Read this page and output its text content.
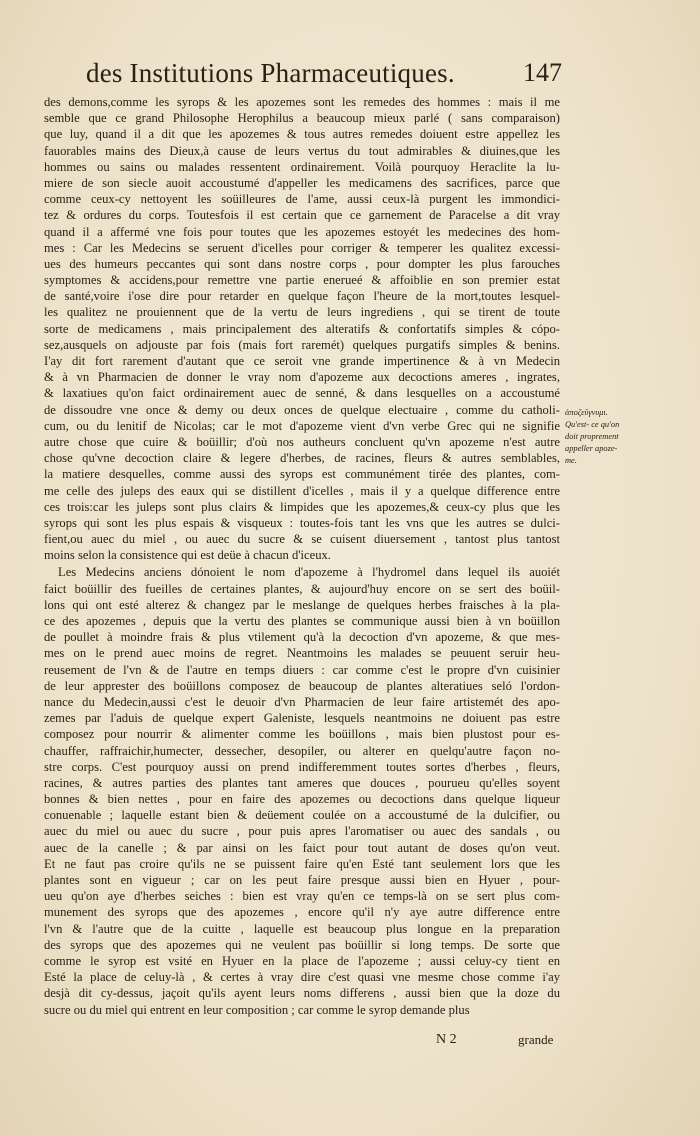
des Institutions Pharmaceutiques.	147
des demons,comme les syrops & les apozemes sont les remedes des hommes : mais il me
semble que ce grand Philosophe Herophilus a beaucoup mieux parlé ( sans comparaison)
que luy, quand il a dit que les apozemes & tous autres remedes doiuent estre appellez les
fauorables mains des Dieux,à cause de leurs vertus du tout admirables & diuines,que les
hommes ou sains ou malades ressentent ordinairement. Voilà pourquoy Heraclite la lu-
miere de son siecle auoit accoustumé d'appeller les medicamens des sacrifices, parce que
comme ceux-cy nettoyent les soüilleures de l'ame, aussi ceux-là purgent les immondici-
tez & ordures du corps. Toutesfois il est certain que ce garnement de Paracelse a dit vray
quand il a affermé vne fois pour toutes que les apozemes estoyét les medecines des hom-
mes : Car les Medecins se seruent d'icelles pour corriger & temperer les qualitez excessi-
ues des humeurs peccantes qui sont dans nostre corps , pour dompter les plus farouches
symptomes & accidens,pour remettre vne partie enerueé & affoiblie en son premier estat
de santé,voire i'ose dire pour retarder en quelque façon l'heure de la mort,toutes lesquel-
les qualitez ne prouiennent que de la vertu de leurs ingrediens , qui se tirent de toute
sorte de medicamens , mais principalement des alteratifs & confortatifs simples & cópo-
sez,ausquels on adjouste par fois (mais fort raremét) quelques purgatifs simples & benins.
I'ay dit fort rarement d'autant que ce seroit vne grande impertinence & à vn Medecin
& à vn Pharmacien de donner le vray nom d'apozeme aux decoctions ameres , ingrates,
& laxatiues qu'on faict ordinairement auec de senné, & dans lesquelles on a accoustumé
de dissoudre vne once & demy ou deux onces de quelque electuaire , comme du catholi-
cum, ou du lenitif de Nicolas; car le mot d'apozeme vient d'vn verbe Grec qui ne signifie
autre chose que cuire & boüillir; d'où nos autheurs concluent qu'vn apozeme n'est autre
chose qu'vne decoction claire & legere d'herbes, de racines, fleurs & autres semblables,
la matiere desquelles, comme aussi des syrops est communément tirée des plantes, com-
me celle des juleps des eaux qui se distillent d'icelles , mais il y a quelque difference entre
ces trois:car les juleps sont plus clairs & limpides que les apozemes,& ceux-cy plus que les
syrops qui sont les plus espais & visqueux : toutes-fois tant les vns que les autres se dulci-
fient,ou auec du miel , ou auec du sucre & se cuisent diuersement , tantost plus tantost
moins selon la consistence qui est deüe à chacun d'iceux.
Les Medecins anciens dónoient le nom d'apozeme à l'hydromel dans lequel ils auoiét
faict boüillir des fueilles de certaines plantes, & aujourd'huy encore on se sert des boüil-
lons qui ont esté alterez & changez par le meslange de quelques herbes fraisches à la pla-
ce des apozemes , depuis que la vertu des plantes se communique aussi bien à vn boüillon
de poullet à moindre frais & plus vtilement qu'à la decoction d'vn apozeme, & que mes-
mes on le prend auec moins de regret. Neantmoins les malades se peuuent seruir heu-
reusement de l'vn & de l'autre en temps diuers : car comme c'est le propre d'vn cuisinier
de leur apprester des boüillons composez de beaucoup de plantes alteratiues seló l'ordon-
nance du Medecin,aussi c'est le deuoir d'vn Pharmacien de leur faire artistemét des apo-
zemes par l'aduis de quelque expert Galeniste, lesquels neantmoins ne doiuent pas estre
composez pour nourrir & alimenter comme les boüillons , mais bien plustost pour es-
chauffer, raffraichir,humecter, dessecher, desopiler, ou alterer en quelqu'autre façon no-
stre corps. C'est pourquoy aussi on prend indifferemment toutes sortes d'herbes , fleurs,
racines, & autres parties des plantes tant ameres que douces , pourueu qu'elles soyent
bonnes & bien nettes , pour en faire des apozemes ou decoctions dans quelque liqueur
conuenable ; laquelle estant bien & deüement coulée on a accoustumé de la dulcifier, ou
auec du miel ou auec du sucre , pour puis apres l'aromatiser ou auec des sandals , ou
auec de la canelle ; & par ainsi on les faict pour tout autant de doses qu'on veut.
Et ne faut pas croire qu'ils ne se puissent faire qu'en Esté tant seulement lors que les
plantes sont en vigueur ; car on les peut faire presque aussi bien en Hyuer , pour-
ueu qu'on aye d'herbes seiches : bien est vray qu'en ce temps-là on se sert plus com-
munement des syrops que des apozemes , encore qu'il n'y aye autre difference entre
l'vn & l'autre que de la cuitte , laquelle est beaucoup plus longue en la preparation
des syrops que des apozemes qui ne veulent pas boüillir si long temps. De sorte que
comme le syrop est vsité en Hyuer en la place de l'apozeme ; aussi celuy-cy tient en
Esté la place de celuy-là , & certes à vray dire c'est quasi vne mesme chose comme i'ay
desjà dit cy-dessus, jaçoit qu'ils ayent leurs noms differens , aussi bien que la doze du
sucre ou du miel qui entrent en leur composition ; car comme le syrop demande plus
ἀποζεῦγνυμι.
Qu'est- ce qu'on
doit proprement
appeller apoze-
me.
N 2	grande
